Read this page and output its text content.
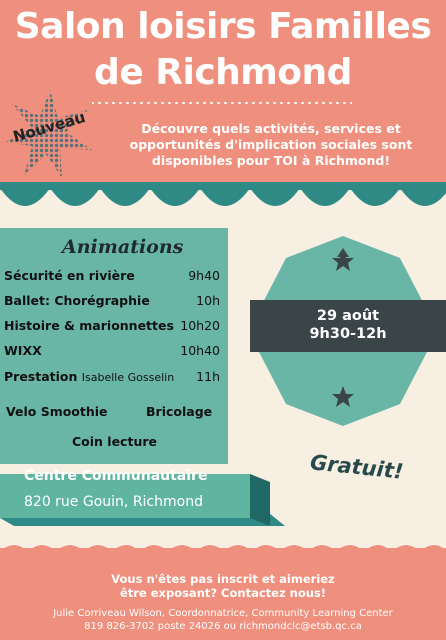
Salon loisirs Familles
de Richmond
Nouveau	Découvre quels activités, services et
opportunités d'implication sociales sont
disponibles pour TOI à Richmond!
Animations
Sécurité en rivière	9h40
Ballet: Chorégraphie	10h
Histoire & marionnettes 10h20
WIXX	10h40
Prestation Isabelle Gosselin 11h
Velo Smoothie	Bricolage
Coin lecture
29 août
9h30-12h
Centre Communautaire
820 rue Gouin, Richmond
Gratuit!
Vous n'êtes pas inscrit et aimeriez
être exposant? Contactez nous!
Julie Corriveau Wilson, Coordonnatrice, Community Learning Center
819 826-3702 poste 24026 ou richmondclc@etsb.qc.ca
